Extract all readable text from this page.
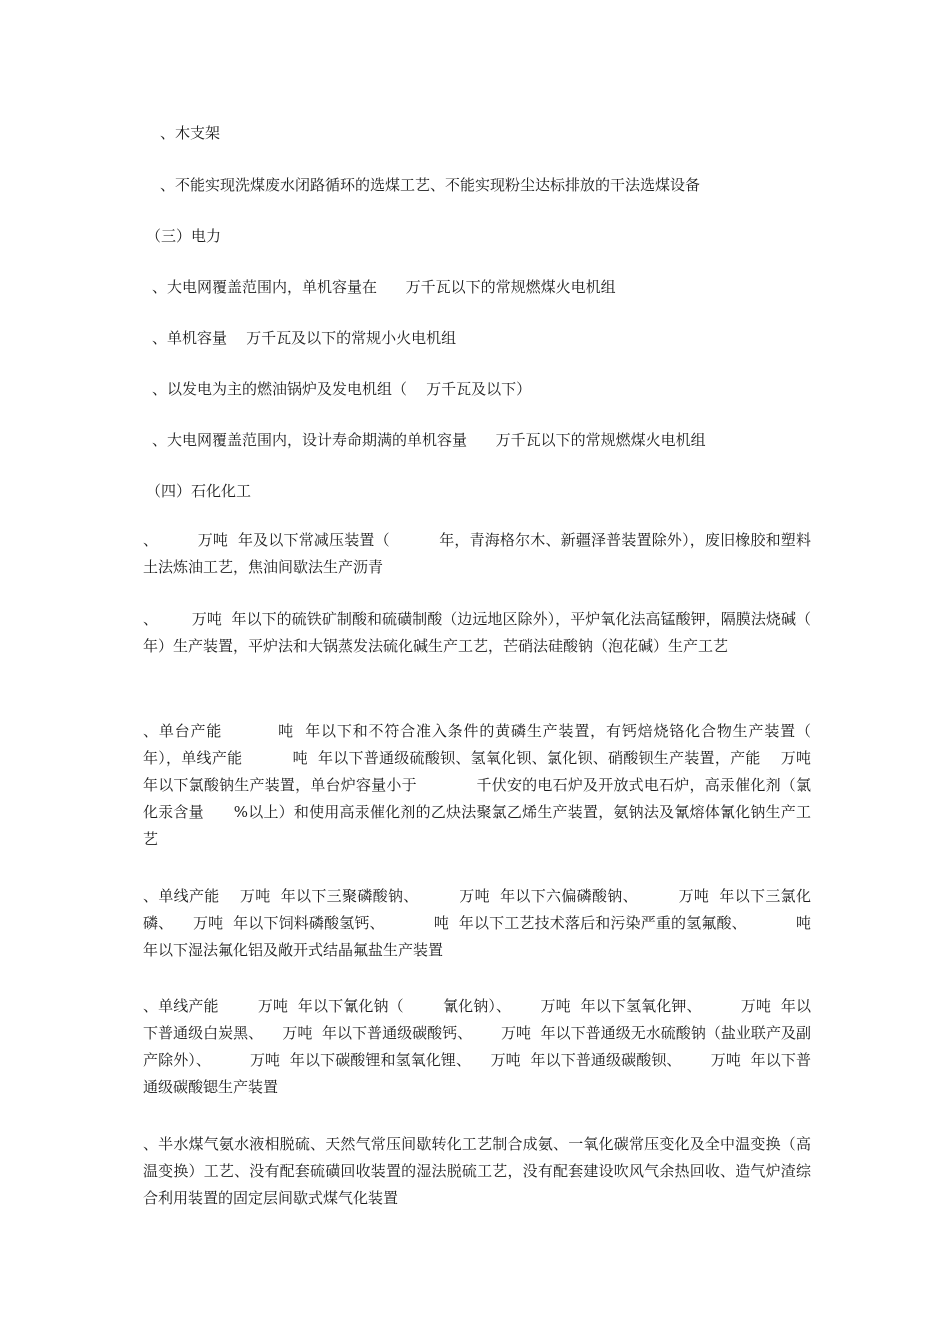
、木支架
、不能实现洗煤废水闭路循环的选煤工艺、不能实现粉尘达标排放的干法选煤设备
（三）电力
、大电网覆盖范围内，单机容量在      万千瓦以下的常规燃煤火电机组
、单机容量    万千瓦及以下的常规小火电机组
、以发电为主的燃油锅炉及发电机组（    万千瓦及以下）
、大电网覆盖范围内，设计寿命期满的单机容量      万千瓦以下的常规燃煤火电机组
（四）石化化工
、        万吨  年及以下常减压装置（          年，青海格尔木、新疆泽普装置除外），废旧橡胶和塑料土法炼油工艺，焦油间歇法生产沥青
、       万吨  年以下的硫铁矿制酸和硫磺制酸（边远地区除外），平炉氧化法高锰酸钾，隔膜法烧碱（          年）生产装置，平炉法和大锅蒸发法硫化碱生产工艺，芒硝法硅酸钠（泡花碱）生产工艺
、单台产能          吨  年以下和不符合准入条件的黄磷生产装置，有钙焙烧铬化合物生产装置（          年），单线产能          吨  年以下普通级硫酸钡、氢氧化钡、氯化钡、硝酸钡生产装置，产能    万吨  年以下氯酸钠生产装置，单台炉容量小于            千伏安的电石炉及开放式电石炉，高汞催化剂（氯化汞含量      %以上）和使用高汞催化剂的乙炔法聚氯乙烯生产装置，氨钠法及氰熔体氰化钠生产工艺
、单线产能    万吨  年以下三聚磷酸钠、        万吨  年以下六偏磷酸钠、        万吨  年以下三氯化磷、    万吨  年以下饲料磷酸氢钙、          吨  年以下工艺技术落后和污染严重的氢氟酸、          吨  年以下湿法氟化铝及敞开式结晶氟盐生产装置
、单线产能        万吨  年以下氰化钠（        氰化钠）、      万吨  年以下氢氧化钾、        万吨  年以下普通级白炭黑、    万吨  年以下普通级碳酸钙、      万吨  年以下普通级无水硫酸钠（盐业联产及副产除外）、        万吨  年以下碳酸锂和氢氧化锂、    万吨  年以下普通级碳酸钡、      万吨  年以下普通级碳酸锶生产装置
、半水煤气氨水液相脱硫、天然气常压间歇转化工艺制合成氨、一氧化碳常压变化及全中温变换（高温变换）工艺、没有配套硫磺回收装置的湿法脱硫工艺，没有配套建设吹风气余热回收、造气炉渣综合利用装置的固定层间歇式煤气化装置
